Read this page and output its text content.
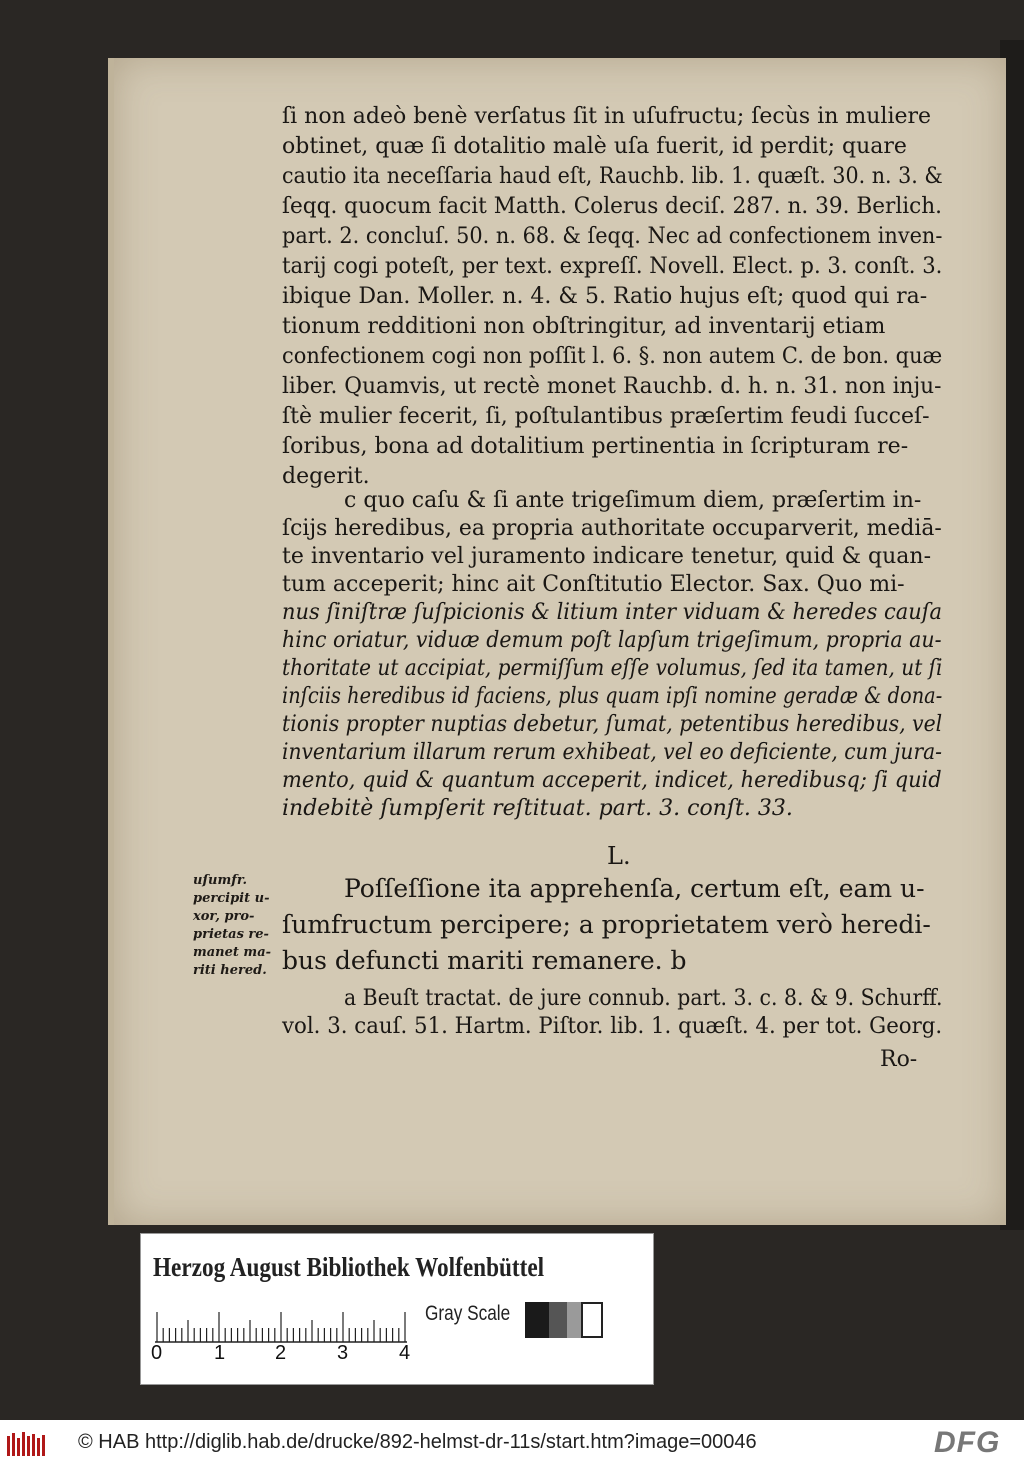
ſi non adeò benè verſatus ſit in uſufructu; ſecùs in muliere
obtinet, quæ ſi dotalitio malè uſa fuerit, id perdit; quare
cautio ita neceſſaria haud eſt, Rauchb. lib. 1. quæſt. 30. n. 3. &
ſeqq. quocum facit Matth. Colerus deciſ. 287. n. 39. Berlich.
part. 2. concluſ. 50. n. 68. & ſeqq. Nec ad confectionem inven-
tarij cogi poteſt, per text. expreſſ. Novell. Elect. p. 3. conſt. 3.
ibique Dan. Moller. n. 4. & 5. Ratio hujus eſt; quod qui ra-
tionum redditioni non obſtringitur, ad inventarij etiam
confectionem cogi non poſſit l. 6. §. non autem C. de bon. quæ
liber. Quamvis, ut rectè monet Rauchb. d. h. n. 31. non inju-
ſtè mulier fecerit, ſi, poſtulantibus præſertim feudi ſucceſ-
ſoribus, bona ad dotalitium pertinentia in ſcripturam re-
degerit.
c quo caſu & ſi ante trigeſimum diem, præſertim in-
ſcijs heredibus, ea propria authoritate occuparverit, mediā-
te inventario vel juramento indicare tenetur, quid & quan-
tum acceperit; hinc ait Conſtitutio Elector. Sax. Quo mi-
nus ſiniſtræ ſuſpicionis & litium inter viduam & heredes cauſa
hinc oriatur, viduæ demum poſt lapſum trigeſimum, propria au-
thoritate ut accipiat, permiſſum eſſe volumus, ſed ita tamen, ut ſi
inſciis heredibus id faciens, plus quam ipſi nomine geradæ & dona-
tionis propter nuptias debetur, ſumat, petentibus heredibus, vel
inventarium illarum rerum exhibeat, vel eo deficiente, cum jura-
mento, quid & quantum acceperit, indicet, heredibusq; ſi quid
indebitè ſumpſerit reſtituat. part. 3. conſt. 33.
L.
Poſſeſſione ita apprehenſa, certum eſt, eam u-
ſumfructum percipere; a proprietatem verò heredi-
bus defuncti mariti remanere. b
a Beuſt tractat. de jure connub. part. 3. c. 8. & 9. Schurff.
vol. 3. cauſ. 51. Hartm. Piſtor. lib. 1. quæſt. 4. per tot. Georg.
Ro-
uſumfr.
percipit u-
xor, pro-
prietas re-
manet ma-
riti hered.
Herzog August Bibliothek Wolfenbüttel
0	1 2	3	4
Gray Scale
© HAB http://diglib.hab.de/drucke/892-helmst-dr-11s/start.htm?image=00046	DFG
